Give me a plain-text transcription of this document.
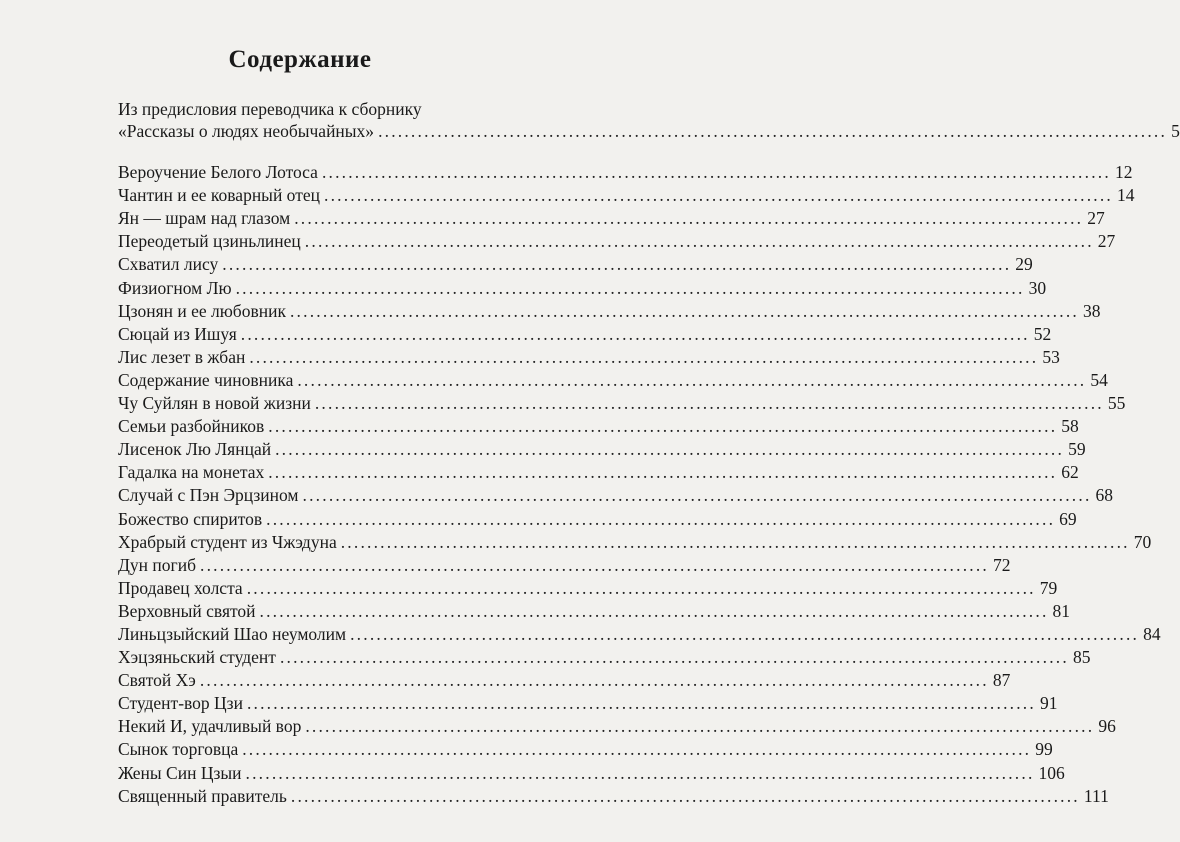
Содержание
Из предисловия переводчика к сборнику
«Рассказы о людях необычайных» ........................................................................................................................ 5
Вероучение Белого Лотоса ........................................................................................................................ 12
Чантин и ее коварный отец ........................................................................................................................ 14
Ян — шрам над глазом ........................................................................................................................ 27
Переодетый цзиньлинец ........................................................................................................................ 27
Схватил лису ........................................................................................................................ 29
Физиогном Лю ........................................................................................................................ 30
Цзонян и ее любовник ........................................................................................................................ 38
Сюцай из Ишуя ........................................................................................................................ 52
Лис лезет в жбан ........................................................................................................................ 53
Содержание чиновника ........................................................................................................................ 54
Чу Суйлян в новой жизни ........................................................................................................................ 55
Семьи разбойников ........................................................................................................................ 58
Лисенок Лю Лянцай ........................................................................................................................ 59
Гадалка на монетах ........................................................................................................................ 62
Случай с Пэн Эрцзином ........................................................................................................................ 68
Божество спиритов ........................................................................................................................ 69
Храбрый студент из Чжэдуна ........................................................................................................................ 70
Дун погиб ........................................................................................................................ 72
Продавец холста ........................................................................................................................ 79
Верховный святой ........................................................................................................................ 81
Линьцзыйский Шао неумолим ........................................................................................................................ 84
Хэцзяньский студент ........................................................................................................................ 85
Святой Хэ ........................................................................................................................ 87
Студент-вор Цзи ........................................................................................................................ 91
Некий И, удачливый вор ........................................................................................................................ 96
Сынок торговца ........................................................................................................................ 99
Жены Син Цзыи ........................................................................................................................ 106
Священный правитель ........................................................................................................................ 111
